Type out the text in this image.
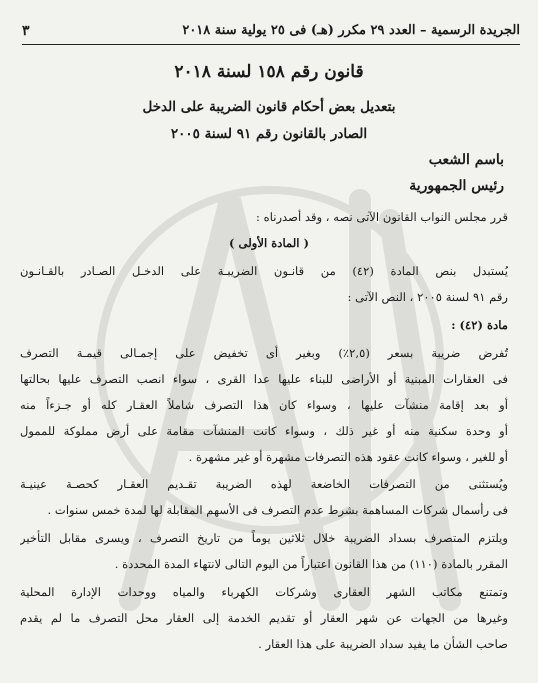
الجريدة الرسمية – العدد ٢٩ مكرر (هـ) فى ٢٥ يولية سنة ٢٠١٨
٣
قانون رقم ١٥٨ لسنة ٢٠١٨
بتعديل بعض أحكام قانون الضريبة على الدخل
الصادر بالقانون رقم ٩١ لسنة ٢٠٠٥
باسم الشعب
رئيس الجمهورية
قرر مجلس النواب القانون الآتى نصه ، وقد أصدرناه :
( المادة الأولى )
يُستبدل بنص المادة (٤٢) من قانـون الضريبـة على الدخـل الصـادر بالقـانـون
رقم ٩١ لسنة ٢٠٠٥ ، النص الآتى :
مادة (٤٢) :
تُفرض ضريبة بسعر (٢,٥٪) وبغير أى تخفيض على إجمـالى قيمـة التصرف
فى العقارات المبنية أو الأراضى للبناء عليها عدا القرى ، سواء انصب التصرف عليها بحالتها
أو بعد إقامة منشآت عليها ، وسواء كان هذا التصرف شاملاً العقـار كله أو جـزءاً منه
أو وحدة سكنية منه أو غير ذلك ، وسواء كانت المنشآت مقامة على أرض مملوكة للممول
أو للغير ، وسواء كانت عقود هذه التصرفات مشهرة أو غير مشهرة .
ويُستثنى من التصرفات الخاضعة لهذه الضريبة تقـديم العقـار كحصـة عينيـة
فى رأسمال شركات المساهمة بشرط عدم التصرف فى الأسهم المقابلة لها لمدة خمس سنوات .
ويلتزم المتصرف بسداد الضريبة خلال ثلاثين يوماً من تاريخ التصرف ، ويسرى مقابل التأخير
المقرر بالمادة (١١٠) من هذا القانون اعتباراً من اليوم التالى لانتهاء المدة المحددة .
وتمتنع مكاتب الشهر العقارى وشركات الكهرباء والمياه ووحدات الإدارة المحلية
وغيرها من الجهات عن شهر العقار أو تقديم الخدمة إلى العقار محل التصرف ما لم يقدم
صاحب الشأن ما يفيد سداد الضريبة على هذا العقار .
